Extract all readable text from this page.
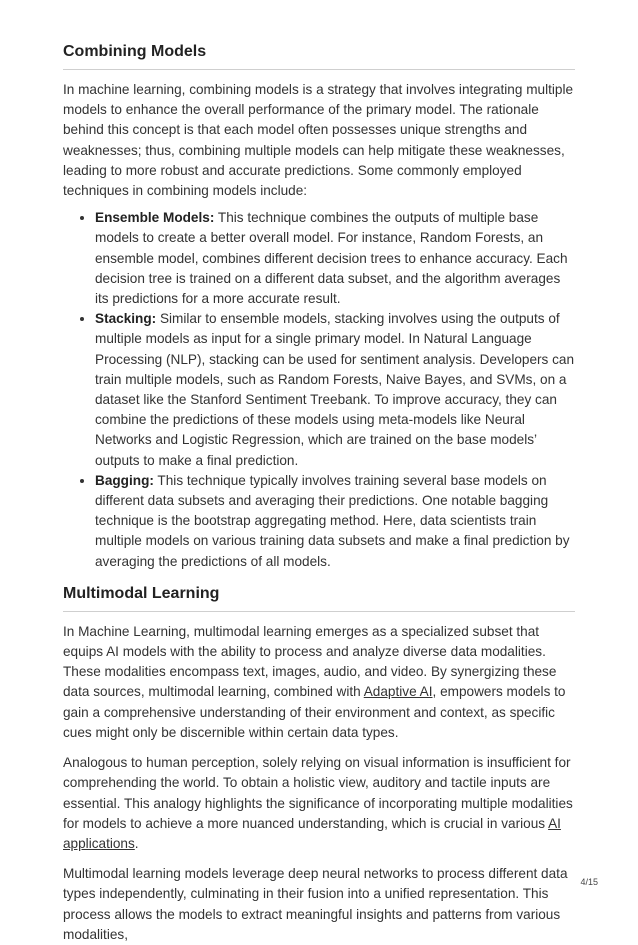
Combining Models

In machine learning, combining models is a strategy that involves integrating multiple models to enhance the overall performance of the primary model. The rationale behind this concept is that each model often possesses unique strengths and weaknesses; thus, combining multiple models can help mitigate these weaknesses, leading to more robust and accurate predictions. Some commonly employed techniques in combining models include:

• Ensemble Models: This technique combines the outputs of multiple base models to create a better overall model. For instance, Random Forests, an ensemble model, combines different decision trees to enhance accuracy. Each decision tree is trained on a different data subset, and the algorithm averages its predictions for a more accurate result.
• Stacking: Similar to ensemble models, stacking involves using the outputs of multiple models as input for a single primary model. In Natural Language Processing (NLP), stacking can be used for sentiment analysis. Developers can train multiple models, such as Random Forests, Naive Bayes, and SVMs, on a dataset like the Stanford Sentiment Treebank. To improve accuracy, they can combine the predictions of these models using meta-models like Neural Networks and Logistic Regression, which are trained on the base models’ outputs to make a final prediction.
• Bagging: This technique typically involves training several base models on different data subsets and averaging their predictions. One notable bagging technique is the bootstrap aggregating method. Here, data scientists train multiple models on various training data subsets and make a final prediction by averaging the predictions of all models.
Multimodal Learning

In Machine Learning, multimodal learning emerges as a specialized subset that equips AI models with the ability to process and analyze diverse data modalities. These modalities encompass text, images, audio, and video. By synergizing these data sources, multimodal learning, combined with Adaptive AI, empowers models to gain a comprehensive understanding of their environment and context, as specific cues might only be discernible within certain data types.

Analogous to human perception, solely relying on visual information is insufficient for comprehending the world. To obtain a holistic view, auditory and tactile inputs are essential. This analogy highlights the significance of incorporating multiple modalities for models to achieve a more nuanced understanding, which is crucial in various AI applications.

Multimodal learning models leverage deep neural networks to process different data types independently, culminating in their fusion into a unified representation. This process allows the models to extract meaningful insights and patterns from various modalities,

4/15
